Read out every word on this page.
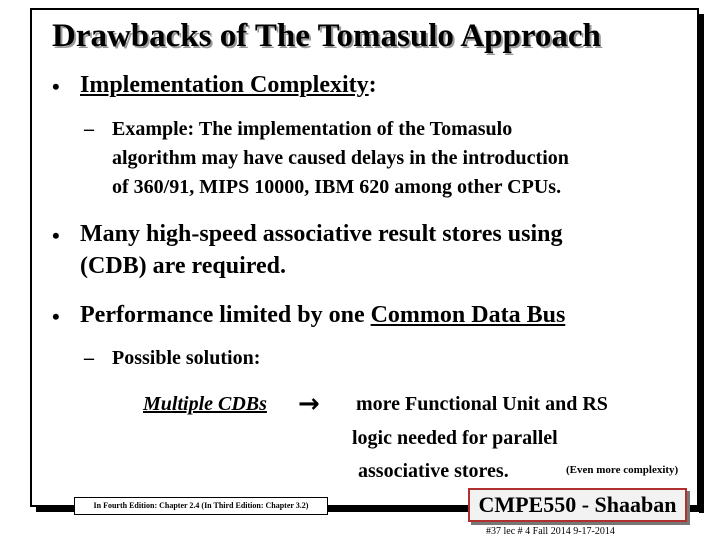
Drawbacks of The Tomasulo Approach
• Implementation Complexity:
– Example: The implementation of the Tomasulo
algorithm may have caused delays in the introduction
of 360/91, MIPS 10000, IBM 620 among other CPUs.
• Many high-speed associative result stores using
(CDB) are required.
• Performance limited by one Common Data Bus
– Possible solution:
Multiple CDBs → more Functional Unit and RS
logic needed for parallel
associative stores.	(Even more complexity)
In Fourth Edition: Chapter 2.4 (In Third Edition: Chapter 3.2)	CMPE550 - Shaaban
#37 lec # 4 Fall 2014 9-17-2014
